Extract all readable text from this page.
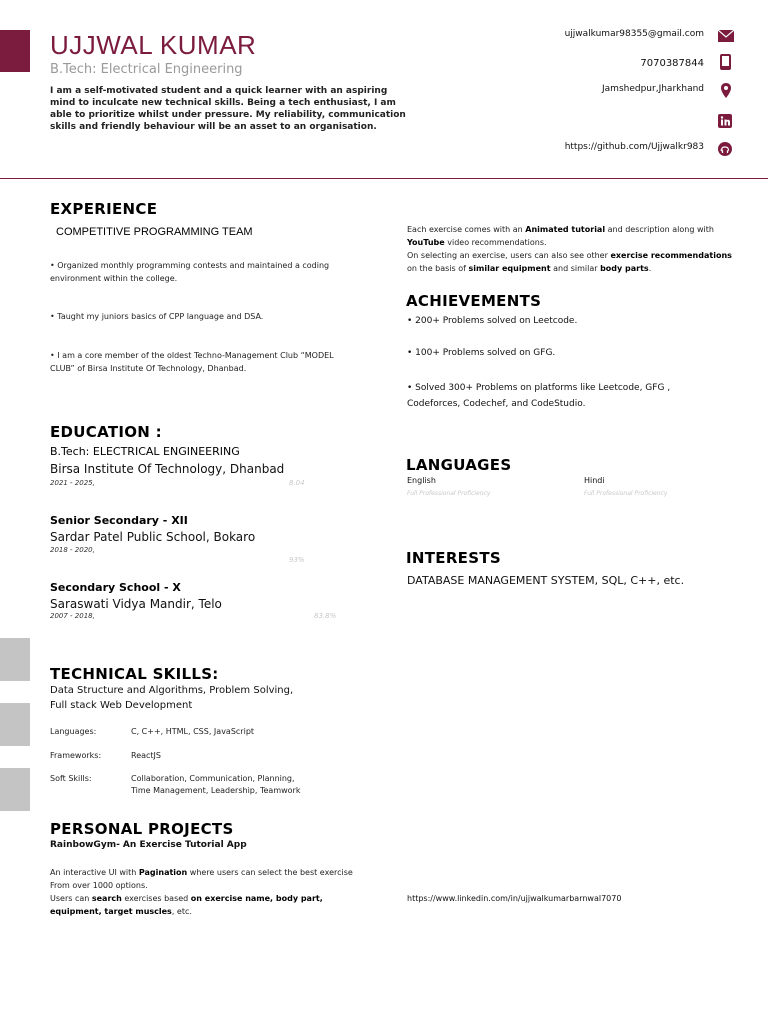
UJJWAL KUMAR
B.Tech: Electrical Engineering
I am a self-motivated student and a quick learner with an aspiring mind to inculcate new technical skills. Being a tech enthusiast, I am able to prioritize whilst under pressure. My reliability, communication skills and friendly behaviour will be an asset to an organisation.
ujjwalkumar98355@gmail.com
7070387844
Jamshedpur,Jharkhand
https://github.com/Ujjwalkr983
EXPERIENCE
COMPETITIVE PROGRAMMING TEAM
• Organized monthly programming contests and maintained a coding environment within the college.
• Taught my juniors basics of CPP language and DSA.
• I am a core member of the oldest Techno-Management Club “MODEL CLUB” of Birsa Institute Of Technology, Dhanbad.
EDUCATION :
B.Tech: ELECTRICAL ENGINEERING
Birsa Institute Of Technology, Dhanbad
2021 - 2025,	8.04
Senior Secondary - XII
Sardar Patel Public School, Bokaro
2018 - 2020,
93%
Secondary School - X
Saraswati Vidya Mandir, Telo
2007 - 2018,	83.8%
TECHNICAL SKILLS:
Data Structure and Algorithms, Problem Solving,
Full stack Web Development
Languages:	C, C++, HTML, CSS, JavaScript
Frameworks:	ReactJS
Soft Skills:	Collaboration, Communication, Planning,
Time Management, Leadership, Teamwork
PERSONAL PROJECTS
RainbowGym- An Exercise Tutorial App
An interactive UI with Pagination where users can select the best exercise From over 1000 options.
Users can search exercises based on exercise name, body part, equipment, target muscles, etc.
Each exercise comes with an Animated tutorial and description along with YouTube video recommendations.
On selecting an exercise, users can also see other exercise recommendations on the basis of similar equipment and similar body parts.
ACHIEVEMENTS
• 200+ Problems solved on Leetcode.
• 100+ Problems solved on GFG.
• Solved 300+ Problems on platforms like Leetcode, GFG , Codeforces, Codechef, and CodeStudio.
LANGUAGES
English
Full Professional Proficiency
Hindi
Full Professional Proficiency
INTERESTS
DATABASE MANAGEMENT SYSTEM, SQL, C++, etc.
https://www.linkedin.com/in/ujjwalkumarbarnwal7070
